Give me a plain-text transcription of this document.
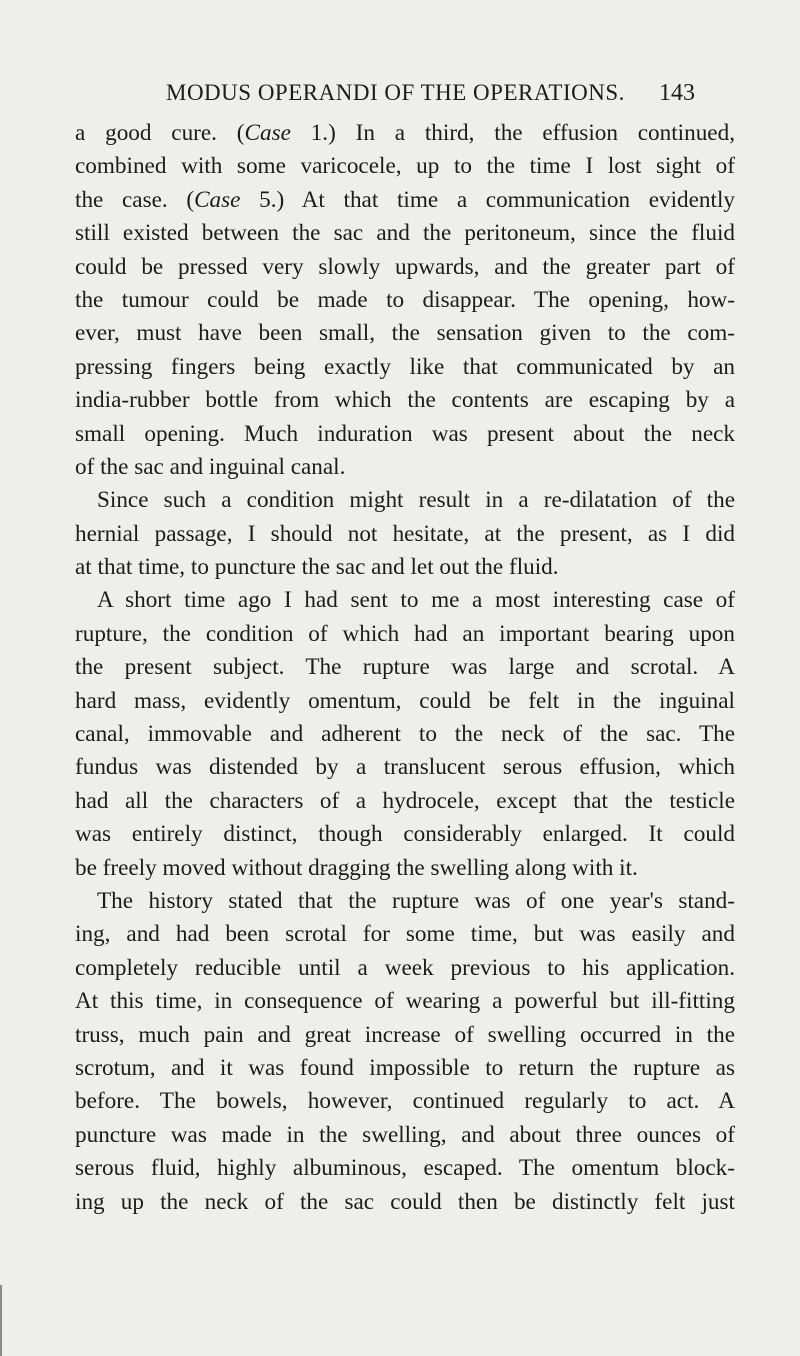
MODUS OPERANDI OF THE OPERATIONS. 143
a good cure. (Case 1.) In a third, the effusion continued,
combined with some varicocele, up to the time I lost sight of
the case. (Case 5.) At that time a communication evidently
still existed between the sac and the peritoneum, since the fluid
could be pressed very slowly upwards, and the greater part of
the tumour could be made to disappear. The opening, how-
ever, must have been small, the sensation given to the com-
pressing fingers being exactly like that communicated by an
india-rubber bottle from which the contents are escaping by a
small opening. Much induration was present about the neck
of the sac and inguinal canal.
Since such a condition might result in a re-dilatation of the
hernial passage, I should not hesitate, at the present, as I did
at that time, to puncture the sac and let out the fluid.
A short time ago I had sent to me a most interesting case of
rupture, the condition of which had an important bearing upon
the present subject. The rupture was large and scrotal. A
hard mass, evidently omentum, could be felt in the inguinal
canal, immovable and adherent to the neck of the sac. The
fundus was distended by a translucent serous effusion, which
had all the characters of a hydrocele, except that the testicle
was entirely distinct, though considerably enlarged. It could
be freely moved without dragging the swelling along with it.
The history stated that the rupture was of one year's stand-
ing, and had been scrotal for some time, but was easily and
completely reducible until a week previous to his application.
At this time, in consequence of wearing a powerful but ill-fitting
truss, much pain and great increase of swelling occurred in the
scrotum, and it was found impossible to return the rupture as
before. The bowels, however, continued regularly to act. A
puncture was made in the swelling, and about three ounces of
serous fluid, highly albuminous, escaped. The omentum block-
ing up the neck of the sac could then be distinctly felt just
